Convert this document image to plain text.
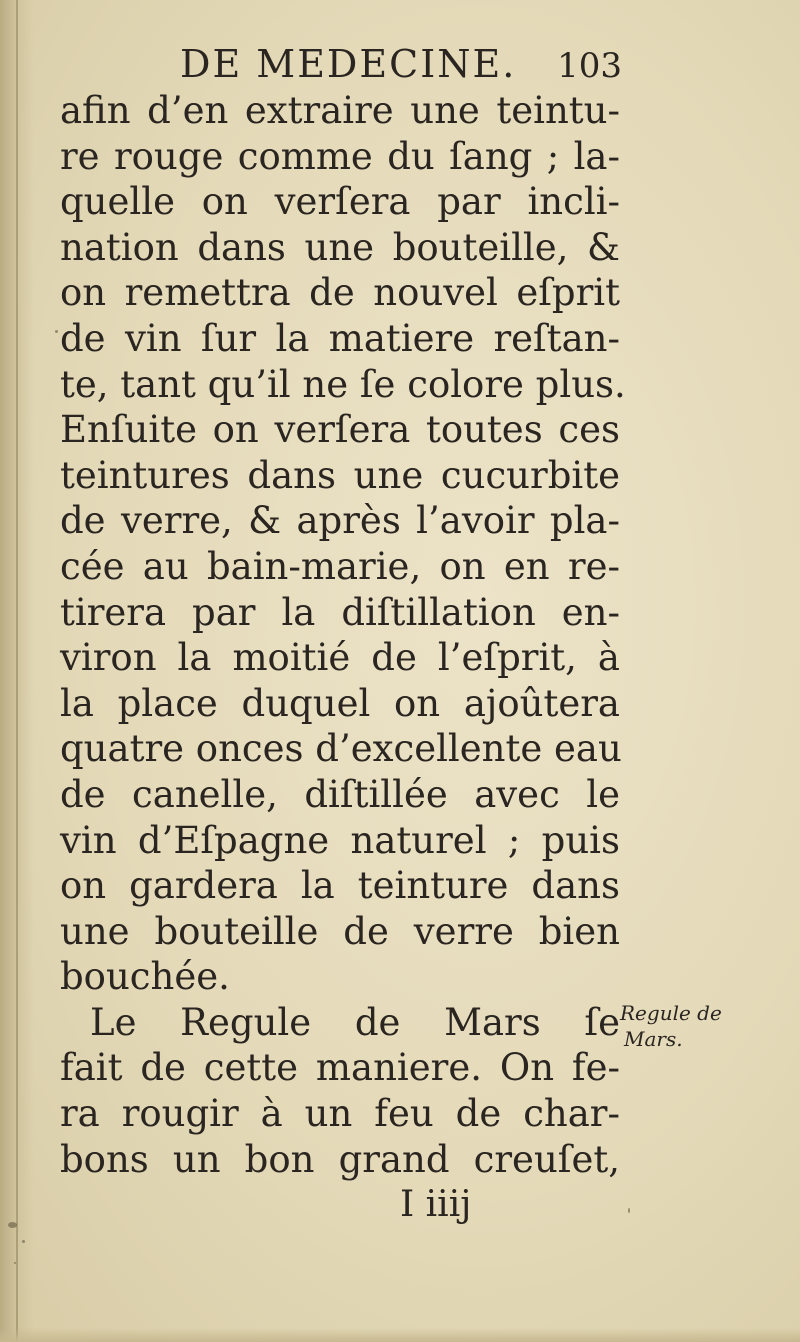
DE MEDECINE. 103
afin d’en extraire une teintu-
re rouge comme du ſang ; la-
quelle on verſera par incli-
nation dans une bouteille, &
on remettra de nouvel eſprit
de vin ſur la matiere reſtan-
te, tant qu’il ne ſe colore plus.
Enſuite on verſera toutes ces
teintures dans une cucurbite
de verre, & après l’avoir pla-
cée au bain-marie, on en re-
tirera par la diſtillation en-
viron la moitié de l’eſprit, à
la place duquel on ajoûtera
quatre onces d’excellente eau
de canelle, diſtillée avec le
vin d’Eſpagne naturel ; puis
on gardera la teinture dans
une bouteille de verre bien
bouchée.
Le Regule de Mars ſe
fait de cette maniere. On fe-
ra rougir à un feu de char-
bons un bon grand creuſet,
Regule de
Mars.
I iiij
